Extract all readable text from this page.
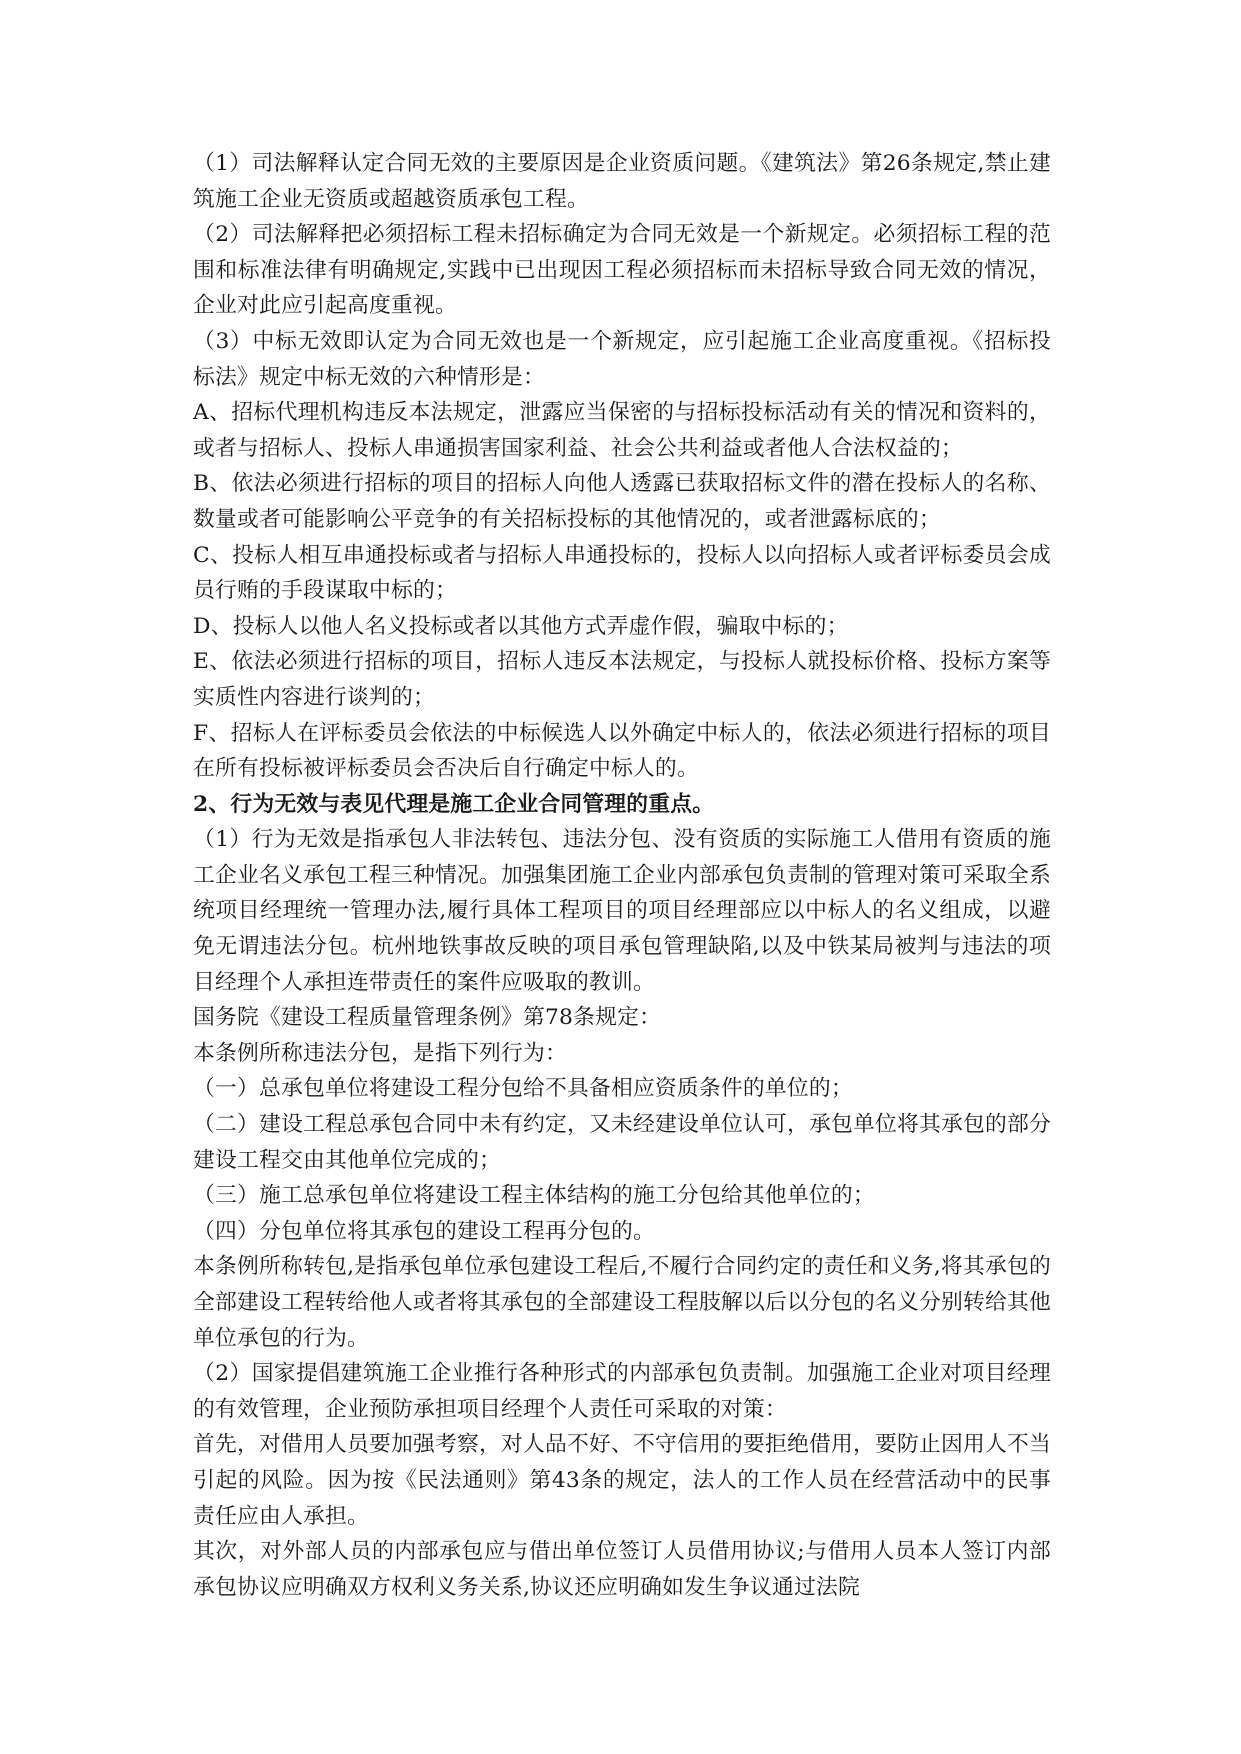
（1）司法解释认定合同无效的主要原因是企业资质问题。《建筑法》第26条规定,禁止建筑施工企业无资质或超越资质承包工程。

（2）司法解释把必须招标工程未招标确定为合同无效是一个新规定。必须招标工程的范围和标准法律有明确规定,实践中已出现因工程必须招标而未招标导致合同无效的情况，企业对此应引起高度重视。

（3）中标无效即认定为合同无效也是一个新规定，应引起施工企业高度重视。《招标投标法》规定中标无效的六种情形是：

A、招标代理机构违反本法规定，泄露应当保密的与招标投标活动有关的情况和资料的，或者与招标人、投标人串通损害国家利益、社会公共利益或者他人合法权益的；

B、依法必须进行招标的项目的招标人向他人透露已获取招标文件的潜在投标人的名称、数量或者可能影响公平竞争的有关招标投标的其他情况的，或者泄露标底的；

C、投标人相互串通投标或者与招标人串通投标的，投标人以向招标人或者评标委员会成员行贿的手段谋取中标的；

D、投标人以他人名义投标或者以其他方式弄虚作假，骗取中标的；

E、依法必须进行招标的项目，招标人违反本法规定，与投标人就投标价格、投标方案等实质性内容进行谈判的；

F、招标人在评标委员会依法的中标候选人以外确定中标人的，依法必须进行招标的项目在所有投标被评标委员会否决后自行确定中标人的。

2、行为无效与表见代理是施工企业合同管理的重点。

（1）行为无效是指承包人非法转包、违法分包、没有资质的实际施工人借用有资质的施工企业名义承包工程三种情况。加强集团施工企业内部承包负责制的管理对策可采取全系统项目经理统一管理办法,履行具体工程项目的项目经理部应以中标人的名义组成，以避免无谓违法分包。杭州地铁事故反映的项目承包管理缺陷,以及中铁某局被判与违法的项目经理个人承担连带责任的案件应吸取的教训。

国务院《建设工程质量管理条例》第78条规定：

本条例所称违法分包，是指下列行为：

（一）总承包单位将建设工程分包给不具备相应资质条件的单位的；

（二）建设工程总承包合同中未有约定，又未经建设单位认可，承包单位将其承包的部分建设工程交由其他单位完成的；

（三）施工总承包单位将建设工程主体结构的施工分包给其他单位的；

（四）分包单位将其承包的建设工程再分包的。

本条例所称转包,是指承包单位承包建设工程后,不履行合同约定的责任和义务,将其承包的全部建设工程转给他人或者将其承包的全部建设工程肢解以后以分包的名义分别转给其他单位承包的行为。

（2）国家提倡建筑施工企业推行各种形式的内部承包负责制。加强施工企业对项目经理的有效管理，企业预防承担项目经理个人责任可采取的对策：

首先，对借用人员要加强考察，对人品不好、不守信用的要拒绝借用，要防止因用人不当引起的风险。因为按《民法通则》第43条的规定，法人的工作人员在经营活动中的民事责任应由人承担。

其次，对外部人员的内部承包应与借出单位签订人员借用协议;与借用人员本人签订内部承包协议应明确双方权利义务关系,协议还应明确如发生争议通过法院
